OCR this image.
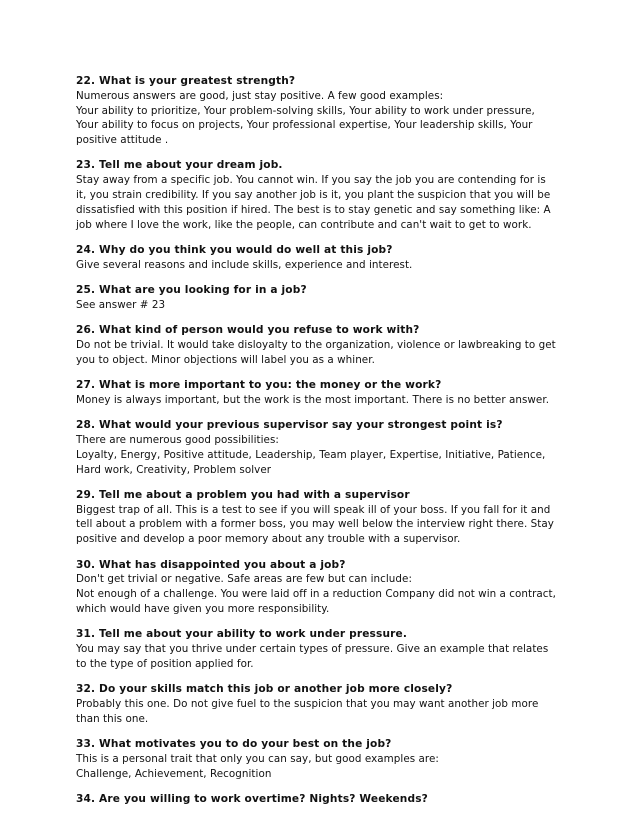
22. What is your greatest strength?
Numerous answers are good, just stay positive. A few good examples:
Your ability to prioritize, Your problem-solving skills, Your ability to work under pressure,
Your ability to focus on projects, Your professional expertise, Your leadership skills, Your
positive attitude .
23. Tell me about your dream job.
Stay away from a specific job. You cannot win. If you say the job you are contending for is
it, you strain credibility. If you say another job is it, you plant the suspicion that you will be
dissatisfied with this position if hired. The best is to stay genetic and say something like: A
job where I love the work, like the people, can contribute and can't wait to get to work.
24. Why do you think you would do well at this job?
Give several reasons and include skills, experience and interest.
25. What are you looking for in a job?
See answer # 23
26. What kind of person would you refuse to work with?
Do not be trivial. It would take disloyalty to the organization, violence or lawbreaking to get
you to object. Minor objections will label you as a whiner.
27. What is more important to you: the money or the work?
Money is always important, but the work is the most important. There is no better answer.
28. What would your previous supervisor say your strongest point is?
There are numerous good possibilities:
Loyalty, Energy, Positive attitude, Leadership, Team player, Expertise, Initiative, Patience,
Hard work, Creativity, Problem solver
29. Tell me about a problem you had with a supervisor
Biggest trap of all. This is a test to see if you will speak ill of your boss. If you fall for it and
tell about a problem with a former boss, you may well below the interview right there. Stay
positive and develop a poor memory about any trouble with a supervisor.
30. What has disappointed you about a job?
Don't get trivial or negative. Safe areas are few but can include:
Not enough of a challenge. You were laid off in a reduction Company did not win a contract,
which would have given you more responsibility.
31. Tell me about your ability to work under pressure.
You may say that you thrive under certain types of pressure. Give an example that relates
to the type of position applied for.
32. Do your skills match this job or another job more closely?
Probably this one. Do not give fuel to the suspicion that you may want another job more
than this one.
33. What motivates you to do your best on the job?
This is a personal trait that only you can say, but good examples are:
Challenge, Achievement, Recognition
34. Are you willing to work overtime? Nights? Weekends?
